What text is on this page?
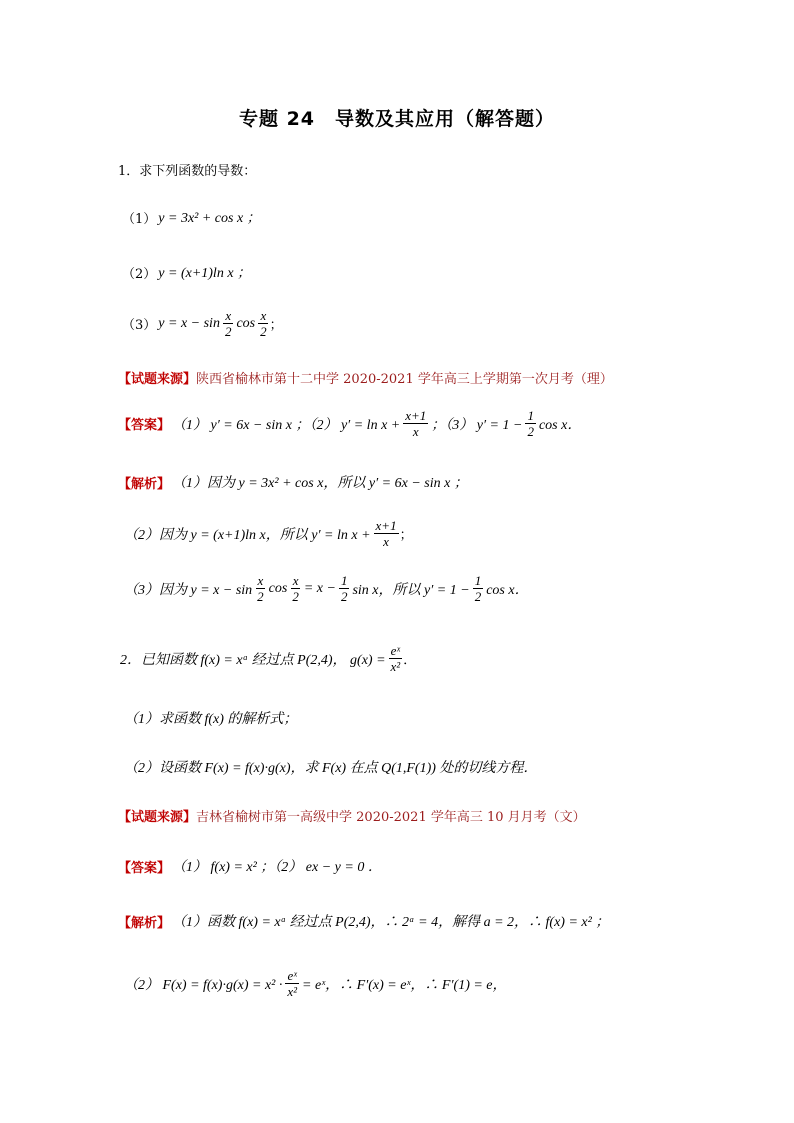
专题 24　导数及其应用（解答题）
1．求下列函数的导数：
（1） y = 3x² + cos x ；
（2） y = (x+1)ln x ；
（3） $y = x - \sin \frac{x}{2}$ $\cos \frac{x}{2}$ ；
【试题来源】 陕西省榆林市第十二中学 2020-2021 学年高三上学期第一次月考（理）
【答案】 （1） y′ = 6x − sin x ；（2） $y' = \ln x + \frac{x+1}{x}$ ；（3） $y' = 1 - \frac{1}{2}$ cos x．
【解析】 （1）因为 y = 3x² + cos x，所以 y′ = 6x − sin x ；
（2）因为 y = (x+1)ln x，所以 $y' = \ln x + \frac{x+1}{x}$ ；
（3）因为 $y = x - \sin \frac{x}{2}$ $\cos \frac{x}{2} = x - \frac{1}{2}$ sin x，所以 $y' = 1 - \frac{1}{2}$ cos x．
2．已知函数 f(x) = xᵃ 经过点 P(2,4)， $g(x) = \frac{\text{eˣ}}{\text{x²}}$ ．
（1）求函数 f(x) 的解析式；
（2）设函数 F(x) = f(x)·g(x)，求 F(x) 在点 Q(1,F(1)) 处的切线方程．
【试题来源】 吉林省榆树市第一高级中学 2020-2021 学年高三 10 月月考（文）
【答案】 （1） f(x) = x² ；（2） ex − y = 0 ．
【解析】 （1）函数 f(x) = xᵃ 经过点 P(2,4)，∴ 2ᵃ = 4，解得 a = 2，∴ f(x) = x² ；
（2） $F(x) = f(x)\cdot g(x) = x^2 \cdot \frac{\text{eˣ}}{\text{x²}}$ = eˣ，∴ F′(x) = eˣ，∴ F′(1) = e，
